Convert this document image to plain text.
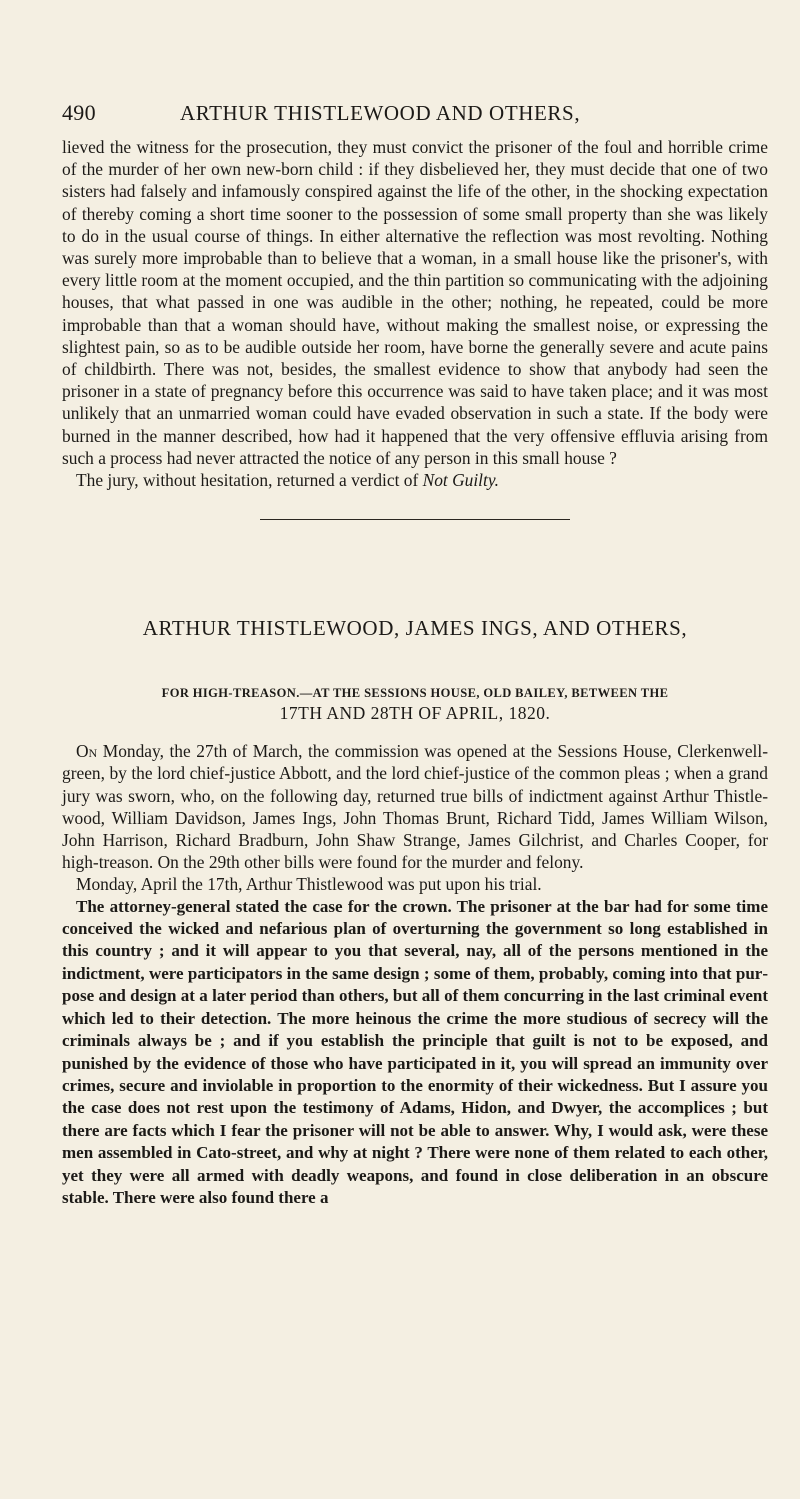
490	ARTHUR THISTLEWOOD AND OTHERS,

lieved the witness for the prosecution, they must convict the prisoner of the foul and horrible crime of the murder of her own new-born child : if they disbelieved her, they must decide that one of two sisters had falsely and infamously conspired against the life of the other, in the shocking expectation of thereby coming a short time sooner to the possession of some small property than she was likely to do in the usual course of things. In either alternative the reflection was most revolting. Nothing was surely more improbable than to believe that a woman, in a small house like the prisoner's, with every little room at the moment occupied, and the thin partition so communicating with the adjoining houses, that what passed in one was audible in the other; nothing, he repeated, could be more improbable than that a woman should have, without making the smallest noise, or expressing the slightest pain, so as to be audible outside her room, have borne the generally severe and acute pains of childbirth. There was not, besides, the smallest evidence to show that anybody had seen the prisoner in a state of pregnancy before this occurrence was said to have taken place; and it was most unlikely that an unmarried woman could have evaded observation in such a state. If the body were burned in the manner described, how had it happened that the very offensive effluvia arising from such a process had never attracted the notice of any person in this small house ?

The jury, without hesitation, returned a verdict of Not Guilty.

ARTHUR THISTLEWOOD, JAMES INGS, AND OTHERS,
FOR HIGH-TREASON.—AT THE SESSIONS HOUSE, OLD BAILEY, BETWEEN THE
17TH AND 28TH OF APRIL, 1820.

On Monday, the 27th of March, the commission was opened at the Sessions House, Clerkenwell-green, by the lord chief-justice Abbott, and the lord chief-justice of the common pleas ; when a grand jury was sworn, who, on the following day, returned true bills of indictment against Arthur Thistlewood, William Davidson, James Ings, John Thomas Brunt, Richard Tidd, James William Wilson, John Harrison, Richard Bradburn, John Shaw Strange, James Gilchrist, and Charles Cooper, for high-treason. On the 29th other bills were found for the murder and felony.

Monday, April the 17th, Arthur Thistlewood was put upon his trial.

The attorney-general stated the case for the crown. The prisoner at the bar had for some time conceived the wicked and nefarious plan of overturning the government so long established in this country ; and it will appear to you that several, nay, all of the persons mentioned in the indictment, were participators in the same design ; some of them, probably, coming into that purpose and design at a later period than others, but all of them concurring in the last criminal event which led to their detection. The more heinous the crime the more studious of secrecy will the criminals always be ; and if you establish the principle that guilt is not to be exposed, and punished by the evidence of those who have participated in it, you will spread an immunity over crimes, secure and inviolable in proportion to the enormity of their wickedness. But I assure you the case does not rest upon the testimony of Adams, Hidon, and Dwyer, the accomplices ; but there are facts which I fear the prisoner will not be able to answer. Why, I would ask, were these men assembled in Cato-street, and why at night ? There were none of them related to each other, yet they were all armed with deadly weapons, and found in close deliberation in an obscure stable. There were also found there a
